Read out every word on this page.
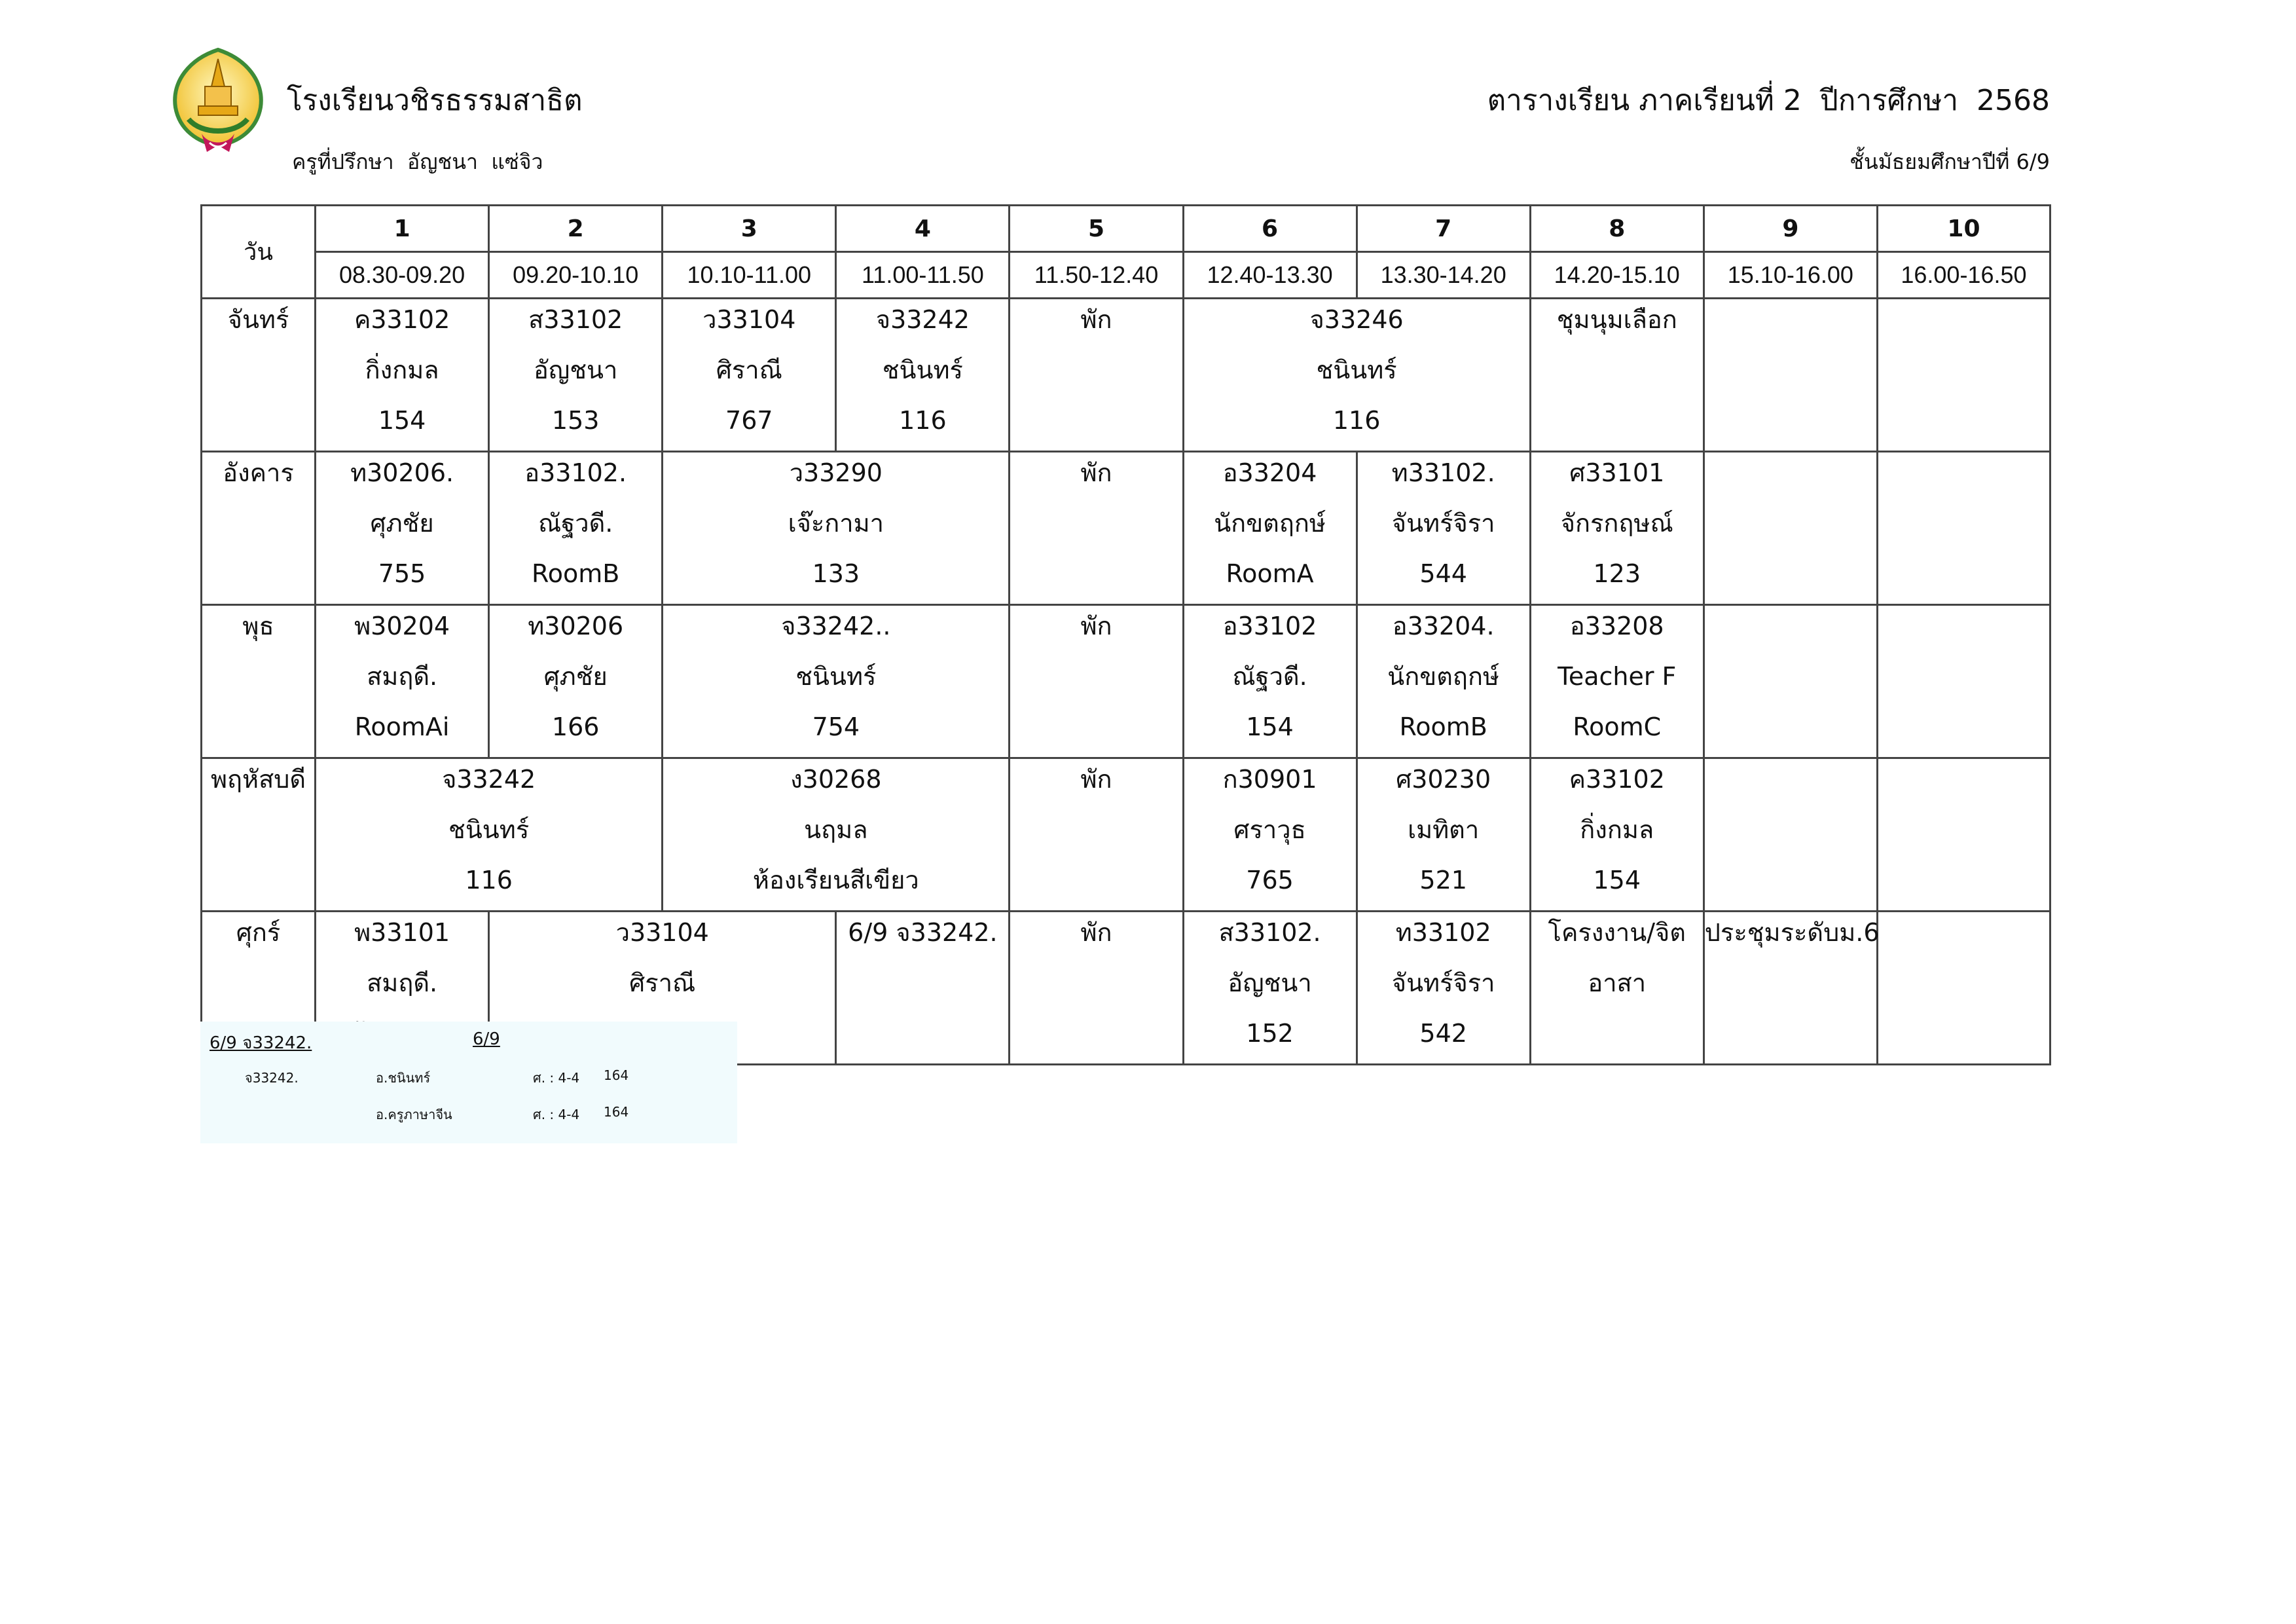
โรงเรียนวชิรธรรมสาธิต	ตารางเรียน ภาคเรียนที่ 2  ปีการศึกษา  2568
ครูที่ปรึกษา  อัญชนา  แซ่จิว	ชั้นมัธยมศึกษาปีที่ 6/9
วัน	1	2	3	4	5	6	7	8	9	10
	08.30-09.20	09.20-10.10	10.10-11.00	11.00-11.50	11.50-12.40	12.40-13.30	13.30-14.20	14.20-15.10	15.10-16.00	16.00-16.50
จันทร์	ค33102
กิ่งกมล
154	ส33102
อัญชนา
153	ว33104
ศิราณี
767	จ33242
ชนินทร์
116	พัก	จ33246
ชนินทร์
116		ชุมนุมเลือก		

อังคาร	ท30206.
ศุภชัย
755	อ33102.
ณัฐวดี.
RoomB	ว33290
เจ๊ะกามา
133		พัก	อ33204
นักขตฤกษ์
RoomA	ท33102.
จันทร์จิรา
544	ศ33101
จักรกฤษณ์
123		

พุธ	พ30204
สมฤดี.
RoomAi	ท30206
ศุภชัย
166	จ33242..
ชนินทร์
754		พัก	อ33102
ณัฐวดี.
154	อ33204.
นักขตฤกษ์
RoomB	อ33208
Teacher F
RoomC		

พฤหัสบดี	จ33242
ชนินทร์
116		ง30268
นฤมล
ห้องเรียนสีเขียว		พัก	ก30901
ศราวุธ
765	ศ30230
เมทิตา
521	ค33102
กิ่งกมล
154		

ศุกร์	พ33101
สมฤดี.	ว33104
ศิราณี		6/9 จ33242.	พัก	ส33102.
อัญชนา
152	ท33102
จันทร์จิรา
542	โครงงาน/จิต
อาสา	ประชุมระดับม.6	

6/9 จ33242.	6/9
จ33242.	อ.ชนินทร์	ศ. : 4-4 164
อ.ครูภาษาจีน	ศ. : 4-4 164
